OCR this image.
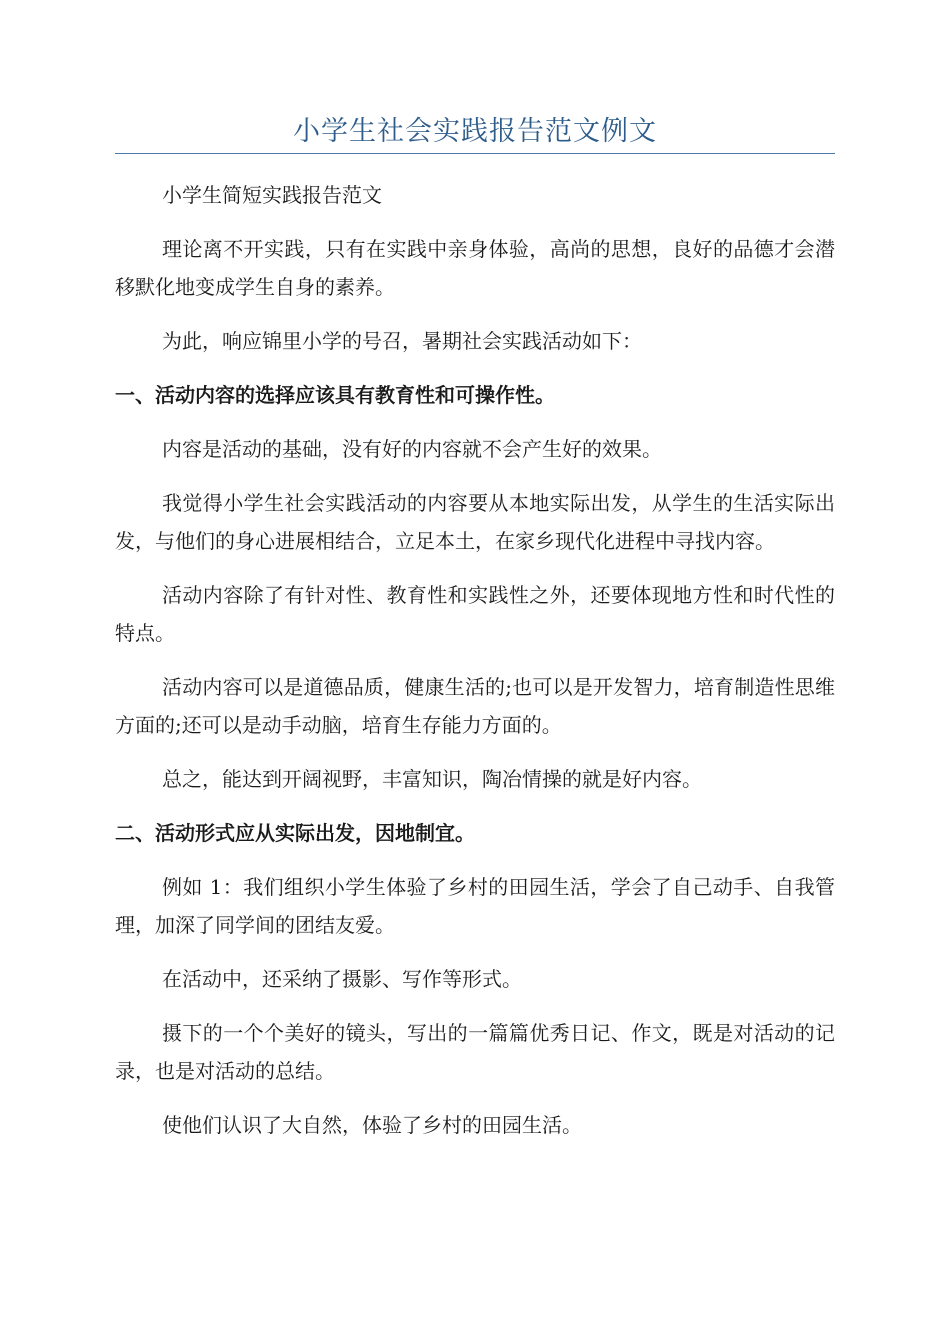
小学生社会实践报告范文例文

小学生简短实践报告范文

理论离不开实践，只有在实践中亲身体验，高尚的思想，良好的品德才会潜移默化地变成学生自身的素养。

为此，响应锦里小学的号召，暑期社会实践活动如下：

一、活动内容的选择应该具有教育性和可操作性。

内容是活动的基础，没有好的内容就不会产生好的效果。

我觉得小学生社会实践活动的内容要从本地实际出发，从学生的生活实际出发，与他们的身心进展相结合，立足本土，在家乡现代化进程中寻找内容。

活动内容除了有针对性、教育性和实践性之外，还要体现地方性和时代性的特点。

活动内容可以是道德品质，健康生活的;也可以是开发智力，培育制造性思维方面的;还可以是动手动脑，培育生存能力方面的。

总之，能达到开阔视野，丰富知识，陶冶情操的就是好内容。

二、活动形式应从实际出发，因地制宜。

例如 1：我们组织小学生体验了乡村的田园生活，学会了自己动手、自我管理，加深了同学间的团结友爱。

在活动中，还采纳了摄影、写作等形式。

摄下的一个个美好的镜头，写出的一篇篇优秀日记、作文，既是对活动的记录，也是对活动的总结。

使他们认识了大自然，体验了乡村的田园生活。
